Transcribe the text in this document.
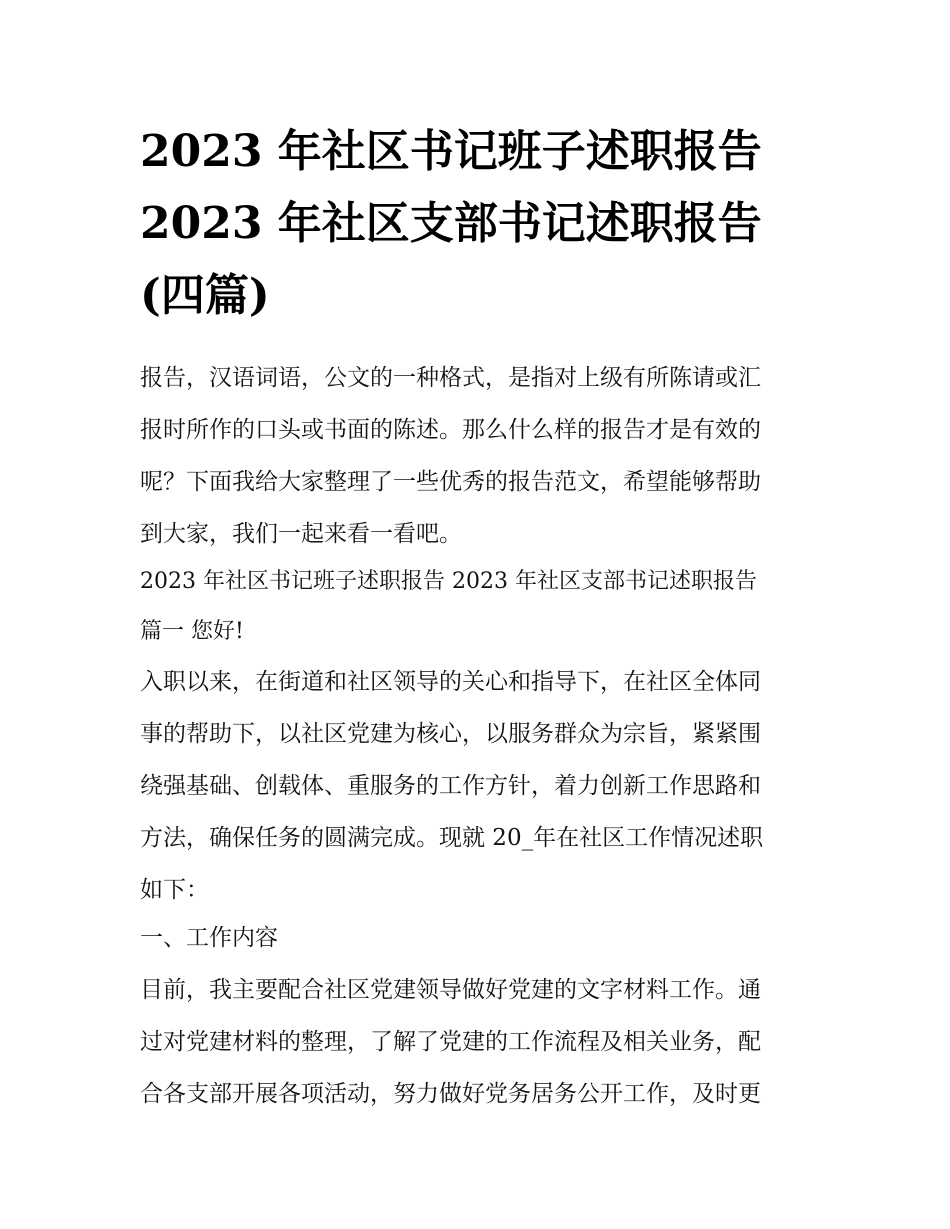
2023 年社区书记班子述职报告
2023 年社区支部书记述职报告
(四篇)
报告，汉语词语，公文的一种格式，是指对上级有所陈请或汇
报时所作的口头或书面的陈述。那么什么样的报告才是有效的
呢？下面我给大家整理了一些优秀的报告范文，希望能够帮助
到大家，我们一起来看一看吧。
2023 年社区书记班子述职报告 2023 年社区支部书记述职报告
篇一 您好!
入职以来，在街道和社区领导的关心和指导下，在社区全体同
事的帮助下，以社区党建为核心，以服务群众为宗旨，紧紧围
绕强基础、创载体、重服务的工作方针，着力创新工作思路和
方法，确保任务的圆满完成。现就 20_年在社区工作情况述职
如下：
一、工作内容
目前，我主要配合社区党建领导做好党建的文字材料工作。通
过对党建材料的整理，了解了党建的工作流程及相关业务，配
合各支部开展各项活动，努力做好党务居务公开工作，及时更
